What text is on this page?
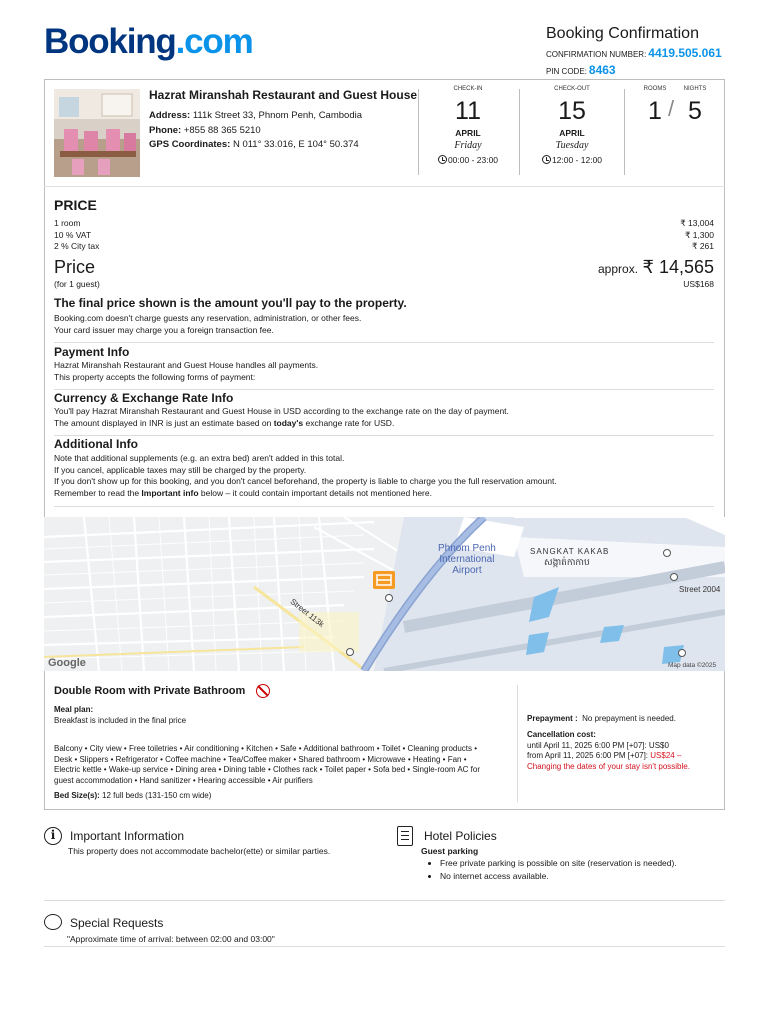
Booking.com	Booking Confirmation
CONFIRMATION NUMBER: 4419.505.061
PIN CODE: 8463
Hazrat Miranshah Restaurant and Guest House
Address: 111k Street 33, Phnom Penh, Cambodia
Phone: +855 88 365 5210
GPS Coordinates: N 011° 33.016, E 104° 50.374
CHECK-IN
11
APRIL
Friday
00:00 - 23:00
CHECK-OUT
15
APRIL
Tuesday
12:00 - 12:00
ROOMS
1 /
NIGHTS
5
PRICE
1 room	₹ 13,004
10 % VAT	₹ 1,300
2 % City tax	₹ 261
Price	approx. ₹ 14,565
(for 1 guest)	US$168
The final price shown is the amount you'll pay to the property.
Booking.com doesn't charge guests any reservation, administration, or other fees.
Your card issuer may charge you a foreign transaction fee.
Payment Info
Hazrat Miranshah Restaurant and Guest House handles all payments.
This property accepts the following forms of payment:
Currency & Exchange Rate Info
You'll pay Hazrat Miranshah Restaurant and Guest House in USD according to the exchange rate on the day of payment.
The amount displayed in INR is just an estimate based on today's exchange rate for USD.
Additional Info
Note that additional supplements (e.g. an extra bed) aren't added in this total.
If you cancel, applicable taxes may still be charged by the property.
If you don't show up for this booking, and you don't cancel beforehand, the property is liable to charge you the full reservation amount.
Remember to read the Important info below – it could contain important details not mentioned here.
Phnom Penh
International
Airport
SANGKAT KAKAB
សង្កាត់កាកាប
Street 113k
Street 2004
Google	Map data ©2025
Double Room with Private Bathroom
Meal plan:
Breakfast is included in the final price
Balcony • City view • Free toiletries • Air conditioning • Kitchen • Safe • Additional bathroom • Toilet • Cleaning products •
Desk • Slippers • Refrigerator • Coffee machine • Tea/Coffee maker • Shared bathroom • Microwave • Heating • Fan •
Electric kettle • Wake-up service • Dining area • Dining table • Clothes rack • Toilet paper • Sofa bed • Single-room AC for
guest accommodation • Hand sanitizer • Hearing accessible • Air purifiers
Bed Size(s): 12 full beds (131-150 cm wide)
Prepayment : No prepayment is needed.
Cancellation cost:
until April 11, 2025 6:00 PM [+07]: US$0
from April 11, 2025 6:00 PM [+07]: US$24 –
Changing the dates of your stay isn't possible.
i	Important Information
This property does not accommodate bachelor(ette) or similar parties.
Hotel Policies
Guest parking
• Free private parking is possible on site (reservation is needed).
• No internet access available.
Special Requests
"Approximate time of arrival: between 02:00 and 03:00"
